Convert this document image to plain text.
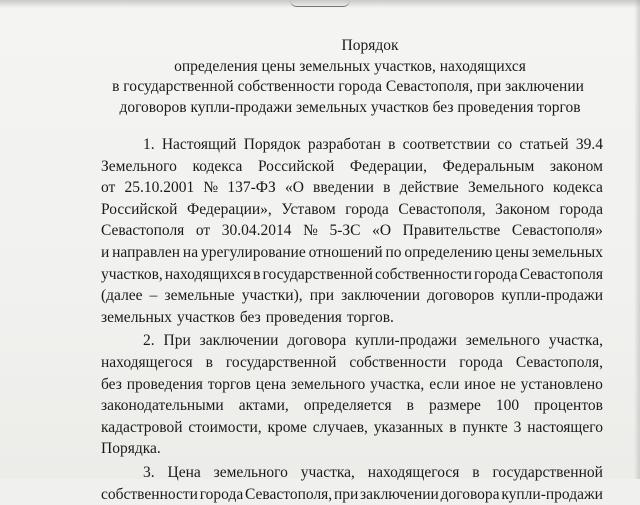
Порядок
определения цены земельных участков, находящихся
в государственной собственности города Севастополя, при заключении
договоров купли-продажи земельных участков без проведения торгов
1. Настоящий Порядок разработан в соответствии со статьей 39.4
Земельного кодекса Российской Федерации, Федеральным законом
от 25.10.2001 № 137-ФЗ «О введении в действие Земельного кодекса
Российской Федерации», Уставом города Севастополя, Законом города
Севастополя от 30.04.2014 № 5-ЗС «О Правительстве Севастополя»
и направлен на урегулирование отношений по определению цены земельных
участков, находящихся в государственной собственности города Севастополя
(далее – земельные участки), при заключении договоров купли-продажи
земельных участков без проведения торгов.
2. При заключении договора купли-продажи земельного участка,
находящегося в государственной собственности города Севастополя,
без проведения торгов цена земельного участка, если иное не установлено
законодательными актами, определяется в размере 100 процентов
кадастровой стоимости, кроме случаев, указанных в пункте 3 настоящего
Порядка.
3. Цена земельного участка, находящегося в государственной
собственности города Севастополя, при заключении договора купли-продажи
